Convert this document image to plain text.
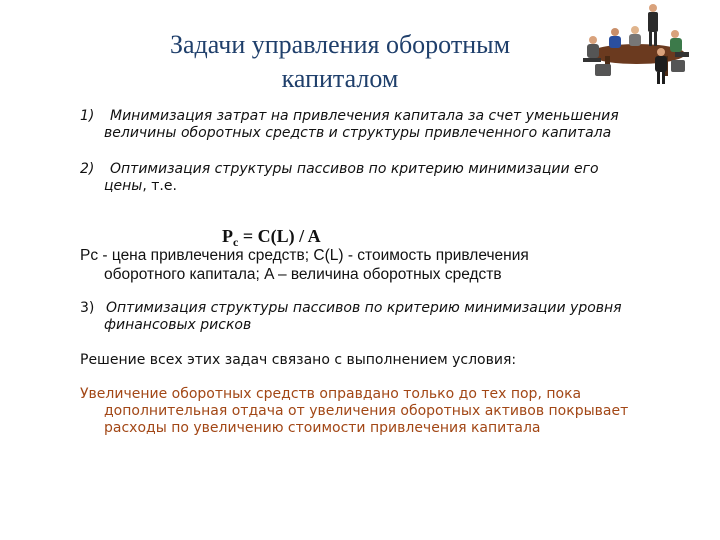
Задачи управления оборотным
капиталом
1) Минимизация затрат на привлечения капитала за счет уменьшения
величины оборотных средств и структуры привлеченного капитала
2) Оптимизация структуры пассивов по критерию минимизации его
цены, т.е.
$P_c = C(L) / A$
Pc - цена привлечения средств; C(L) - стоимость привлечения
оборотного капитала; A – величина оборотных средств
3) Оптимизация структуры пассивов по критерию минимизации уровня
финансовых рисков
Решение всех этих задач связано с выполнением условия:
Увеличение оборотных средств оправдано только до тех пор, пока
дополнительная отдача от увеличения оборотных активов покрывает
расходы по увеличению стоимости привлечения капитала
